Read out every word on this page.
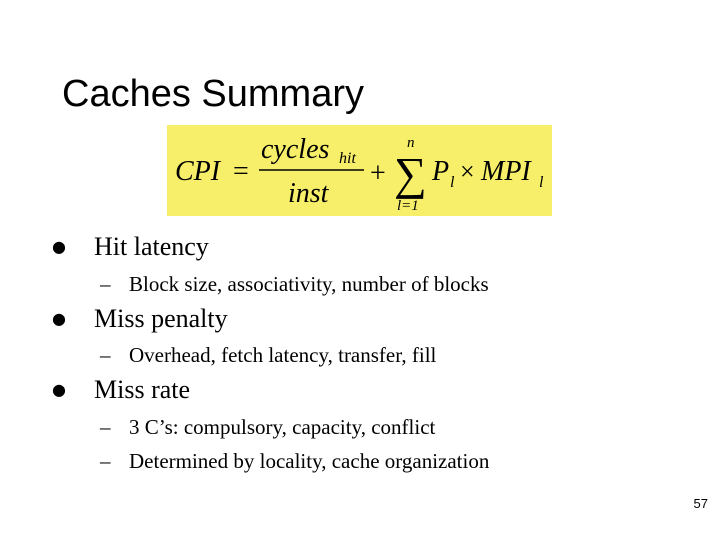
Caches Summary
CPI =
cycles hit
inst
+
n
∑
l=1
P l × MPI l
● Hit latency
– Block size, associativity, number of blocks
● Miss penalty
– Overhead, fetch latency, transfer, fill
● Miss rate
– 3 C’s: compulsory, capacity, conflict
– Determined by locality, cache organization
57
